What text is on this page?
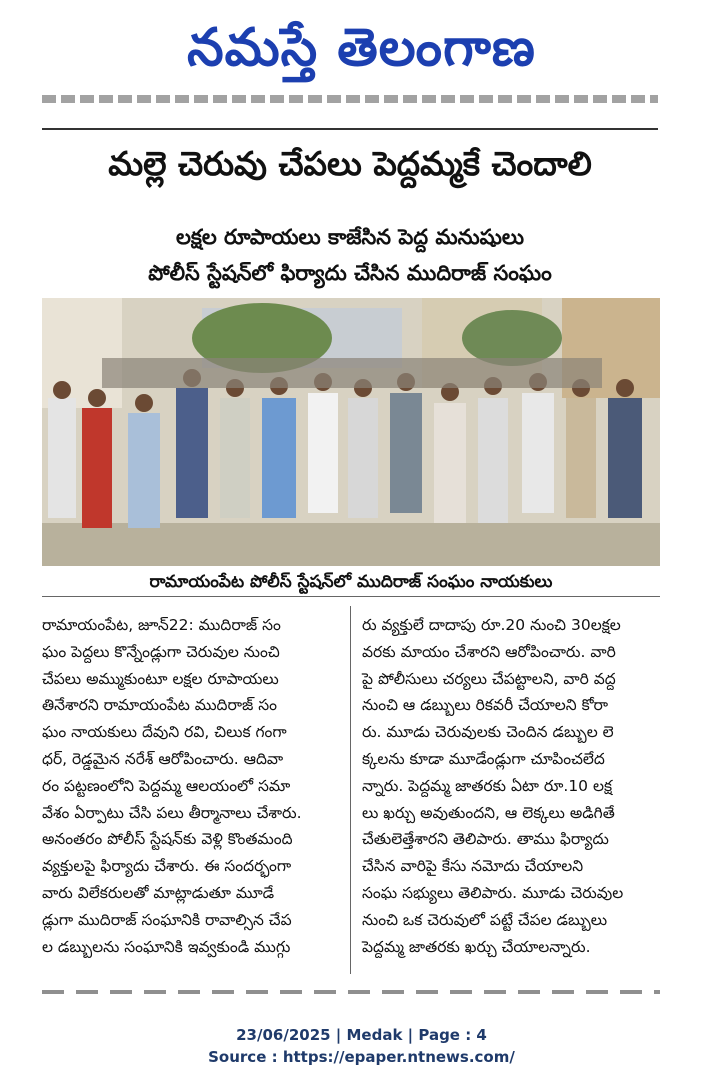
నమస్తే తెలంగాణ
మల్లె చెరువు చేపలు పెద్దమ్మకే చెందాలి
లక్షల రూపాయలు కాజేసిన పెద్ద మనుషులు
పోలీస్ స్టేషన్‌లో ఫిర్యాదు చేసిన ముదిరాజ్ సంఘం
రామాయంపేట పోలీస్ స్టేషన్‌లో ముదిరాజ్ సంఘం నాయకులు

రామాయంపేట, జూన్22: ముదిరాజ్ సం

ఘం పెద్దలు కొన్నేండ్లుగా చెరువుల నుంచి

చేపలు అమ్ముకుంటూ లక్షల రూపాయలు

తినేశారని రామాయంపేట ముదిరాజ్ సం

ఘం నాయకులు దేవుని రవి, చిలుక గంగా

ధర్, రెడ్డమైన నరేశ్ ఆరోపించారు. ఆదివా

రం పట్టణంలోని పెద్దమ్మ ఆలయంలో సమా

వేశం ఏర్పాటు చేసి పలు తీర్మానాలు చేశారు.

అనంతరం పోలీస్ స్టేషన్‌కు వెళ్లి కొంతమంది

వ్యక్తులపై ఫిర్యాదు చేశారు. ఈ సందర్భంగా

వారు విలేకరులతో మాట్లాడుతూ మూడే

డ్లుగా ముదిరాజ్ సంఘానికి రావాల్సిన చేప

ల డబ్బులను సంఘానికి ఇవ్వకుండి ముగ్గు

రు వ్యక్తులే దాదాపు రూ.20 నుంచి 30లక్షల

వరకు మాయం చేశారని ఆరోపించారు. వారి

పై పోలీసులు చర్యలు చేపట్టాలని, వారి వద్ద

నుంచి ఆ డబ్బులు రికవరీ చేయాలని కోరా

రు. మూడు చెరువులకు చెందిన డబ్బుల లె

క్కలను కూడా మూడేండ్లుగా చూపించలేద

న్నారు. పెద్దమ్మ జాతరకు ఏటా రూ.10 లక్ష

లు ఖర్చు అవుతుందని, ఆ లెక్కలు అడిగితే

చేతులెత్తేశారని తెలిపారు. తాము ఫిర్యాదు

చేసిన వారిపై కేసు నమోదు చేయాలని

సంఘ సభ్యులు తెలిపారు. మూడు చెరువుల

నుంచి ఒక చెరువులో పట్టే చేపల డబ్బులు

పెద్దమ్మ జాతరకు ఖర్చు చేయాలన్నారు.

23/06/2025 | Medak | Page : 4
Source : https://epaper.ntnews.com/
